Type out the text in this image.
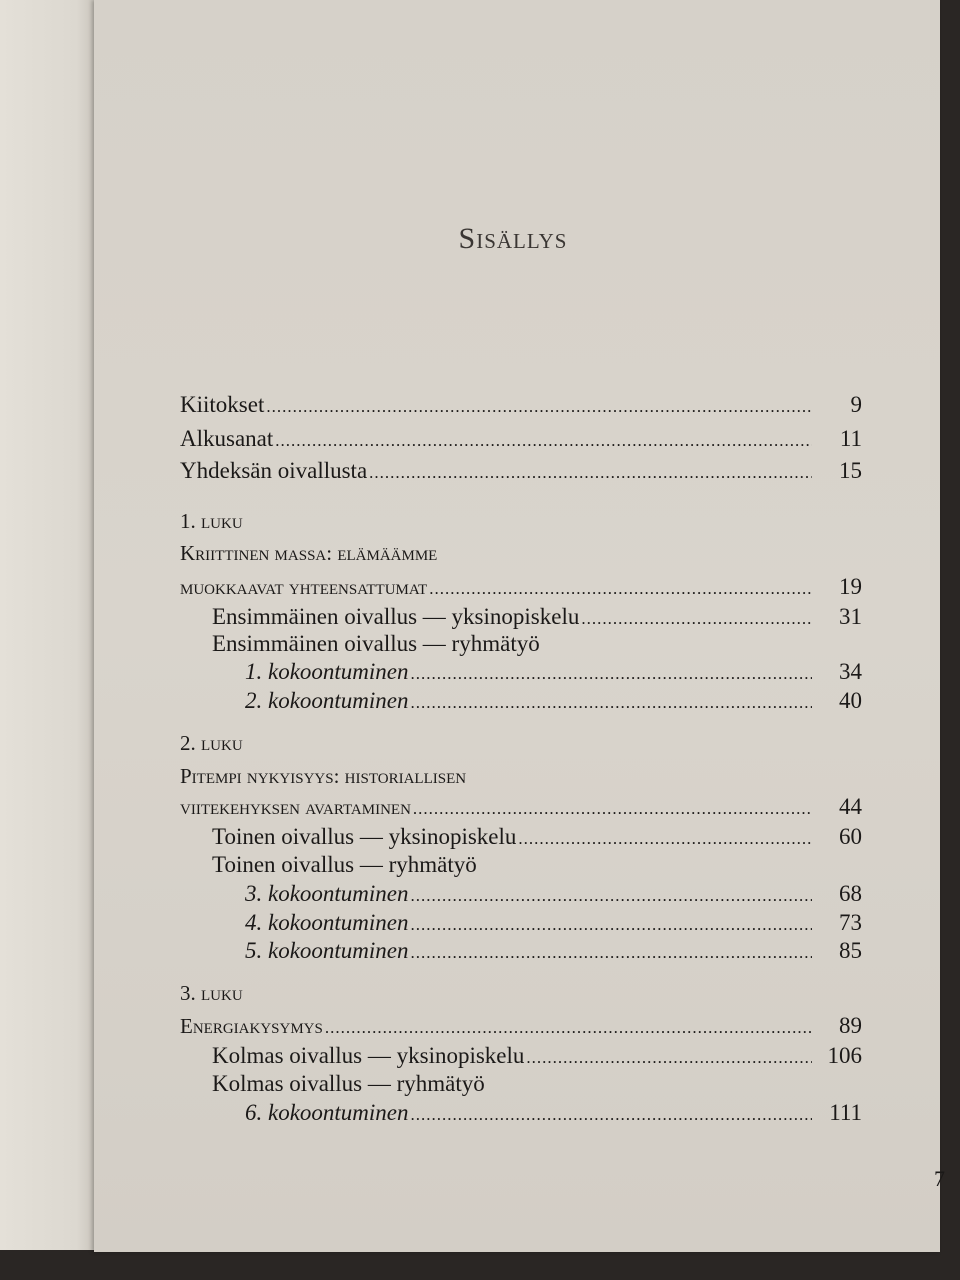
Sisällys
Kiitokset .....	9
Alkusanat .....	11
Yhdeksän oivallusta .....	15
1. luku
Kriittinen massa: elämäämme
muokkaavat yhteensattumat .....	19
Ensimmäinen oivallus — yksinopiskelu .....	31
Ensimmäinen oivallus — ryhmätyö
1. kokoontuminen .....	34
2. kokoontuminen .....	40
2. luku
Pitempi nykyisyys: historiallisen
viitekehyksen avartaminen .....	44
Toinen oivallus — yksinopiskelu .....	60
Toinen oivallus — ryhmätyö
3. kokoontuminen .....	68
4. kokoontuminen .....	73
5. kokoontuminen .....	85
3. luku
Energiakysymys .....	89
Kolmas oivallus — yksinopiskelu .....	106
Kolmas oivallus — ryhmätyö
6. kokoontuminen .....	111
7
